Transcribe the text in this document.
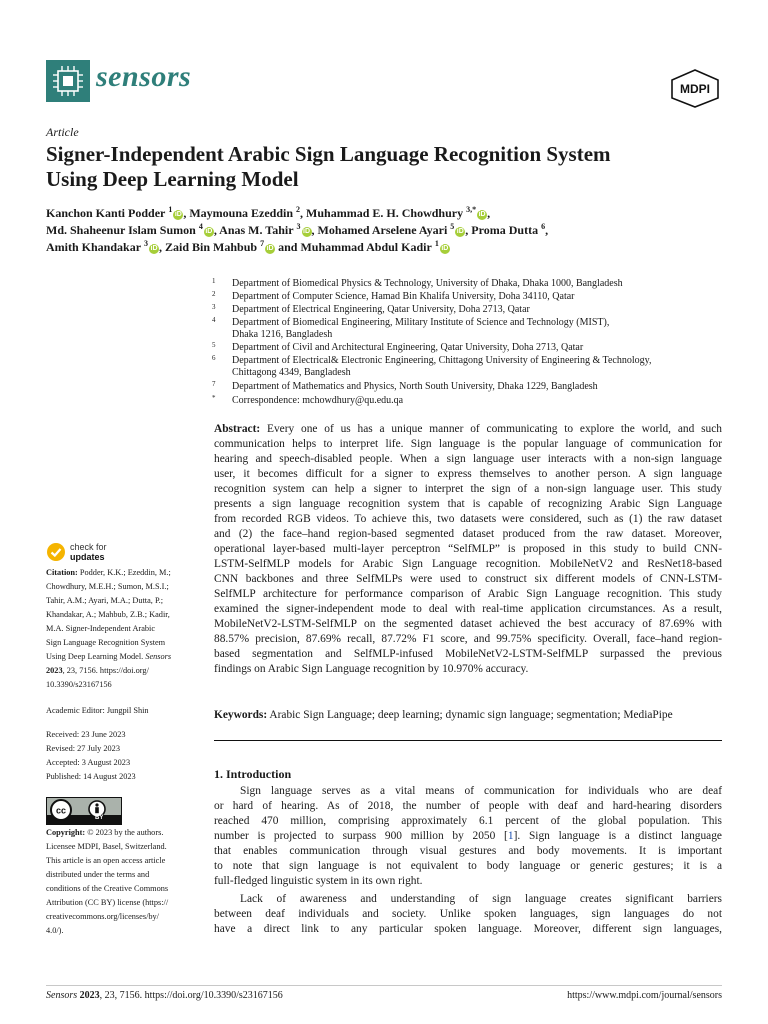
sensors	MDPI
Article
Signer-Independent Arabic Sign Language Recognition System
Using Deep Learning Model
Kanchon Kanti Podder $^1$iD , Maymouna Ezeddin $^2$, Muhammad E. H. Chowdhury $^{3,*}$iD ,
Md. Shaheenur Islam Sumon $^4$iD , Anas M. Tahir $^3$iD , Mohamed Arselene Ayari $^5$iD , Proma Dutta $^6$,
Amith Khandakar $^3$iD , Zaid Bin Mahbub $^7$iD and Muhammad Abdul Kadir $^1$iD
1 Department of Biomedical Physics & Technology, University of Dhaka, Dhaka 1000, Bangladesh
2 Department of Computer Science, Hamad Bin Khalifa University, Doha 34110, Qatar
3 Department of Electrical Engineering, Qatar University, Doha 2713, Qatar
4 Department of Biomedical Engineering, Military Institute of Science and Technology (MIST),
Dhaka 1216, Bangladesh
5 Department of Civil and Architectural Engineering, Qatar University, Doha 2713, Qatar
6 Department of Electrical& Electronic Engineering, Chittagong University of Engineering & Technology,
Chittagong 4349, Bangladesh
7 Department of Mathematics and Physics, North South University, Dhaka 1229, Bangladesh
* Correspondence: mchowdhury@qu.edu.qa
Abstract: Every one of us has a unique manner of communicating to explore the world, and such
communication helps to interpret life. Sign language is the popular language of communication for
hearing and speech-disabled people. When a sign language user interacts with a non-sign language
user, it becomes difficult for a signer to express themselves to another person. A sign language
recognition system can help a signer to interpret the sign of a non-sign language user. This study
presents a sign language recognition system that is capable of recognizing Arabic Sign Language
from recorded RGB videos. To achieve this, two datasets were considered, such as (1) the raw dataset
and (2) the face–hand region-based segmented dataset produced from the raw dataset. Moreover,
operational layer-based multi-layer perceptron “SelfMLP” is proposed in this study to build CNN-
LSTM-SelfMLP models for Arabic Sign Language recognition. MobileNetV2 and ResNet18-based
CNN backbones and three SelfMLPs were used to construct six different models of CNN-LSTM-
SelfMLP architecture for performance comparison of Arabic Sign Language recognition. This study
examined the signer-independent mode to deal with real-time application circumstances. As a result,
MobileNetV2-LSTM-SelfMLP on the segmented dataset achieved the best accuracy of 87.69% with
88.57% precision, 87.69% recall, 87.72% F1 score, and 99.75% specificity. Overall, face–hand region-
based segmentation and SelfMLP-infused MobileNetV2-LSTM-SelfMLP surpassed the previous
findings on Arabic Sign Language recognition by 10.970% accuracy.
Keywords: Arabic Sign Language; deep learning; dynamic sign language; segmentation; MediaPipe
check for
updates
Citation: Podder, K.K.; Ezeddin, M.;
Chowdhury, M.E.H.; Sumon, M.S.I.;
Tahir, A.M.; Ayari, M.A.; Dutta, P.;
Khandakar, A.; Mahbub, Z.B.; Kadir,
M.A. Signer-Independent Arabic
Sign Language Recognition System
Using Deep Learning Model. Sensors
2023, 23, 7156. https://doi.org/
10.3390/s23167156
Academic Editor: Jungpil Shin
Received: 23 June 2023
Revised: 27 July 2023
Accepted: 3 August 2023
Published: 14 August 2023
cc
BY
Copyright: © 2023 by the authors.
Licensee MDPI, Basel, Switzerland.
This article is an open access article
distributed under the terms and
conditions of the Creative Commons
Attribution (CC BY) license (https://
creativecommons.org/licenses/by/
4.0/).
1. Introduction
Sign language serves as a vital means of communication for individuals who are deaf
or hard of hearing. As of 2018, the number of people with deaf and hard-hearing disorders
reached 470 million, comprising approximately 6.1 percent of the global population. This
number is projected to surpass 900 million by 2050 [1]. Sign language is a distinct language
that enables communication through visual gestures and body movements. It is important
to note that sign language is not equivalent to body language or generic gestures; it is a
full-fledged linguistic system in its own right.
Lack of awareness and understanding of sign language creates significant barriers
between deaf individuals and society. Unlike spoken languages, sign languages do not
have a direct link to any particular spoken language. Moreover, different sign languages,
Sensors 2023, 23, 7156. https://doi.org/10.3390/s23167156	https://www.mdpi.com/journal/sensors
